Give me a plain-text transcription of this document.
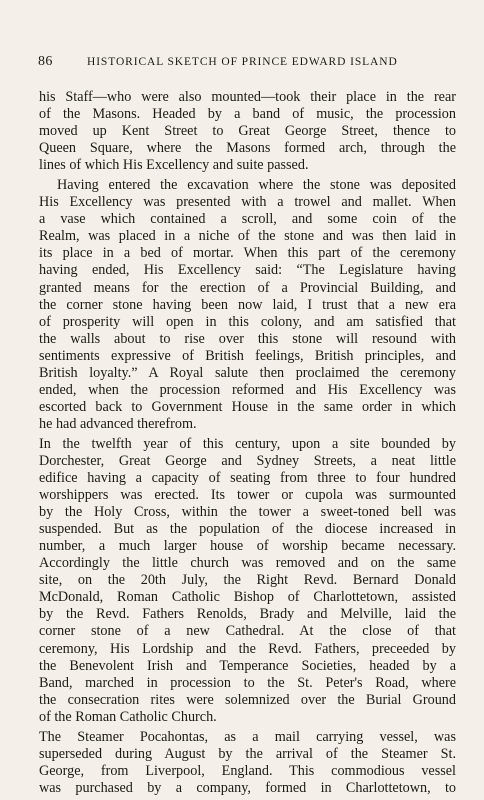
86	HISTORICAL SKETCH OF PRINCE EDWARD ISLAND
his Staff—who were also mounted—took their place in the rear
of the Masons. Headed by a band of music, the procession
moved up Kent Street to Great George Street, thence to
Queen Square, where the Masons formed arch, through the
lines of which His Excellency and suite passed.
Having entered the excavation where the stone was deposited
His Excellency was presented with a trowel and mallet. When
a vase which contained a scroll, and some coin of the
Realm, was placed in a niche of the stone and was then laid in
its place in a bed of mortar. When this part of the ceremony
having ended, His Excellency said: “The Legislature having
granted means for the erection of a Provincial Building, and
the corner stone having been now laid, I trust that a new era
of prosperity will open in this colony, and am satisfied that
the walls about to rise over this stone will resound with
sentiments expressive of British feelings, British principles, and
British loyalty.” A Royal salute then proclaimed the ceremony
ended, when the procession reformed and His Excellency was
escorted back to Government House in the same order in which
he had advanced therefrom.
In the twelfth year of this century, upon a site bounded by
Dorchester, Great George and Sydney Streets, a neat little
edifice having a capacity of seating from three to four hundred
worshippers was erected. Its tower or cupola was surmounted
by the Holy Cross, within the tower a sweet-toned bell was
suspended. But as the population of the diocese increased in
number, a much larger house of worship became necessary.
Accordingly the little church was removed and on the same
site, on the 20th July, the Right Revd. Bernard Donald
McDonald, Roman Catholic Bishop of Charlottetown, assisted
by the Revd. Fathers Renolds, Brady and Melville, laid the
corner stone of a new Cathedral. At the close of that
ceremony, His Lordship and the Revd. Fathers, preceeded by
the Benevolent Irish and Temperance Societies, headed by a
Band, marched in procession to the St. Peter's Road, where
the consecration rites were solemnized over the Burial Ground
of the Roman Catholic Church.
The Steamer Pocahontas, as a mail carrying vessel, was
superseded during August by the arrival of the Steamer St.
George, from Liverpool, England. This commodious vessel
was purchased by a company, formed in Charlottetown, to
